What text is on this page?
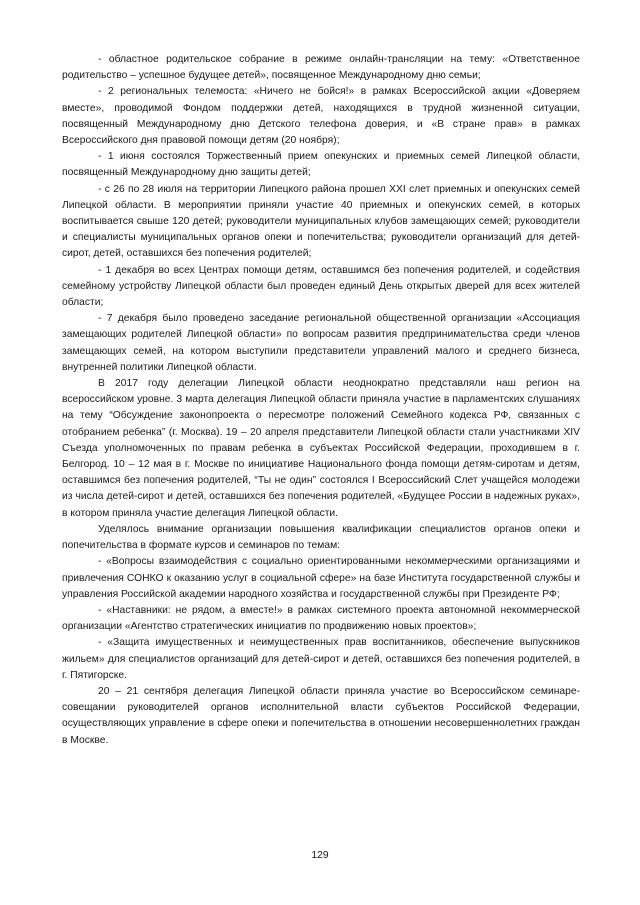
- областное родительское собрание в режиме онлайн-трансляции на тему: «Ответственное родительство – успешное будущее детей», посвященное Международному дню семьи;

- 2 региональных телемоста: «Ничего не бойся!» в рамках Всероссийской акции «Доверяем вместе», проводимой Фондом поддержки детей, находящихся в трудной жизненной ситуации, посвященный Международному дню Детского телефона доверия, и «В стране прав» в рамках Всероссийского дня правовой помощи детям (20 ноября);

- 1 июня состоялся Торжественный прием опекунских и приемных семей Липецкой области, посвященный Международному дню защиты детей;

- с 26 по 28 июля на территории Липецкого района прошел XXI слет приемных и опекунских семей Липецкой области. В мероприятии приняли участие 40 приемных и опекунских семей, в которых воспитывается свыше 120 детей; руководители муниципальных клубов замещающих семей; руководители и специалисты муниципальных органов опеки и попечительства; руководители организаций для детей-сирот, детей, оставшихся без попечения родителей;

- 1 декабря во всех Центрах помощи детям, оставшимся без попечения родителей, и содействия семейному устройству Липецкой области был проведен единый День открытых дверей для всех жителей области;

- 7 декабря было проведено заседание региональной общественной организации «Ассоциация замещающих родителей Липецкой области» по вопросам развития предпринимательства среди членов замещающих семей, на котором выступили представители управлений малого и среднего бизнеса, внутренней политики Липецкой области.

В 2017 году делегации Липецкой области неоднократно представляли наш регион на всероссийском уровне. 3 марта делегация Липецкой области приняла участие в парламентских слушаниях на тему “Обсуждение законопроекта о пересмотре положений Семейного кодекса РФ, связанных с отобранием ребенка” (г. Москва). 19 – 20 апреля представители Липецкой области стали участниками XIV Съезда уполномоченных по правам ребенка в субъектах Российской Федерации, проходившем в г. Белгород. 10 – 12 мая в г. Москве по инициативе Национального фонда помощи детям-сиротам и детям, оставшимся без попечения родителей, “Ты не один” состоялся I Всероссийский Слет учащейся молодежи из числа детей-сирот и детей, оставшихся без попечения родителей, «Будущее России в надежных руках», в котором приняла участие делегация Липецкой области.

Уделялось внимание организации повышения квалификации специалистов органов опеки и попечительства в формате курсов и семинаров по темам:

- «Вопросы взаимодействия с социально ориентированными некоммерческими организациями и привлечения СОНКО к оказанию услуг в социальной сфере» на базе Института государственной службы и управления Российской академии народного хозяйства и государственной службы при Президенте РФ;

- «Наставники: не рядом, а вместе!» в рамках системного проекта автономной некоммерческой организации «Агентство стратегических инициатив по продвижению новых проектов»;

- «Защита имущественных и неимущественных прав воспитанников, обеспечение выпускников жильем» для специалистов организаций для детей-сирот и детей, оставшихся без попечения родителей, в г. Пятигорске.

20 – 21 сентября делегация Липецкой области приняла участие во Всероссийском семинаре-совещании руководителей органов исполнительной власти субъектов Российской Федерации, осуществляющих управление в сфере опеки и попечительства в отношении несовершеннолетних граждан в Москве.

129
